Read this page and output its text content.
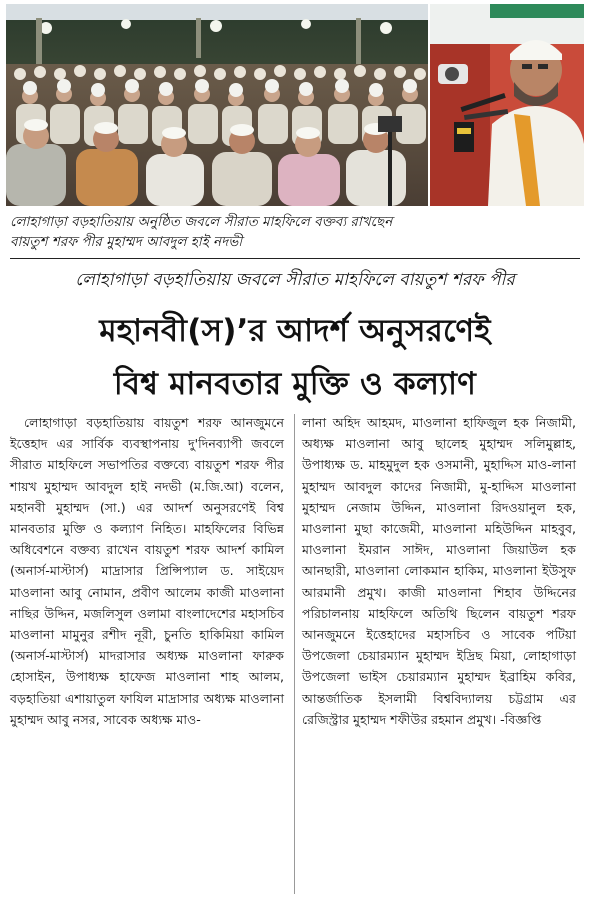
লোহাগাড়া বড়হাতিয়ায় অনুষ্ঠিত জবলে সীরাত মাহফিলে বক্তব্য রাখছেন
বায়তুশ শরফ পীর মুহাম্মদ আবদুল হাই নদভী
লোহাগাড়া বড়হাতিয়ায় জবলে সীরাত মাহফিলে বায়তুশ শরফ পীর
মহানবী(স)’র আদর্শ অনুসরণেই
বিশ্ব মানবতার মুক্তি ও কল্যাণ
লোহাগাড়া বড়হাতিয়ায় বায়তুশ শরফ আনজুমনে ইত্তেহাদ এর সার্বিক ব্যবস্থাপনায় দু'দিনব্যাপী জবলে সীরাত মাহফিলে সভাপতির বক্তব্যে বায়তুশ শরফ পীর শায়খ মুহাম্মদ আবদুল হাই নদভী (ম.জি.আ) বলেন, মহানবী মুহাম্মদ (সা.) এর আদর্শ অনুসরণেই বিশ্ব মানবতার মুক্তি ও কল্যাণ নিহিত। মাহফিলের বিভিন্ন অধিবেশনে বক্তব্য রাখেন বায়তুশ শরফ আদর্শ কামিল (অনার্স-মাস্টার্স) মাদ্রাসার প্রিন্সিপ্যাল ড. সাইয়েদ মাওলানা আবু নোমান, প্রবীণ আলেম কাজী মাওলানা নাছির উদ্দিন, মজলিসুল ওলামা বাংলাদেশের মহাসচিব মাওলানা মামুনুর রশীদ নূরী, চুনতি হাকিমিয়া কামিল (অনার্স-মাস্টার্স) মাদরাসার অধ্যক্ষ মাওলানা ফারুক হোসাইন, উপাধ্যক্ষ হাফেজ মাওলানা শাহ আলম, বড়হাতিয়া এশায়াতুল ফাযিল মাদ্রাসার অধ্যক্ষ মাওলানা মুহাম্মদ আবু নসর, সাবেক অধ্যক্ষ মাও-
লানা অহিদ আহমদ, মাওলানা হাফিজুল হক নিজামী, অধ্যক্ষ মাওলানা আবু ছালেহ মুহাম্মদ সলিমুল্লাহ, উপাধ্যক্ষ ড. মাহমুদুল হক ওসমানী, মুহাদ্দিস মাও-লানা মুহাম্মদ আবদুল কাদের নিজামী, মু-হাদ্দিস মাওলানা মুহাম্মদ নেজাম উদ্দিন, মাওলানা রিদওয়ানুল হক, মাওলানা মুছা কাজেমী, মাওলানা মহিউদ্দিন মাহবুব, মাওলানা ইমরান সাঈদ, মাওলানা জিয়াউল হক আনছারী, মাওলানা লোকমান হাকিম, মাওলানা ইউসুফ আরমানী প্রমুখ। কাজী মাওলানা শিহাব উদ্দিনের পরিচালনায় মাহফিলে অতিথি ছিলেন বায়তুশ শরফ আনজুমনে ইত্তেহাদের মহাসচিব ও সাবেক পটিয়া উপজেলা চেয়ারম্যান মুহাম্মদ ইদ্রিছ মিয়া, লোহাগাড়া উপজেলা ভাইস চেয়ারম্যান মুহাম্মদ ইব্রাহিম কবির, আন্তর্জাতিক ইসলামী বিশ্ববিদ্যালয় চট্টগ্রাম এর রেজিস্ট্রার মুহাম্মদ শফীউর রহমান প্রমুখ। -বিজ্ঞপ্তি
